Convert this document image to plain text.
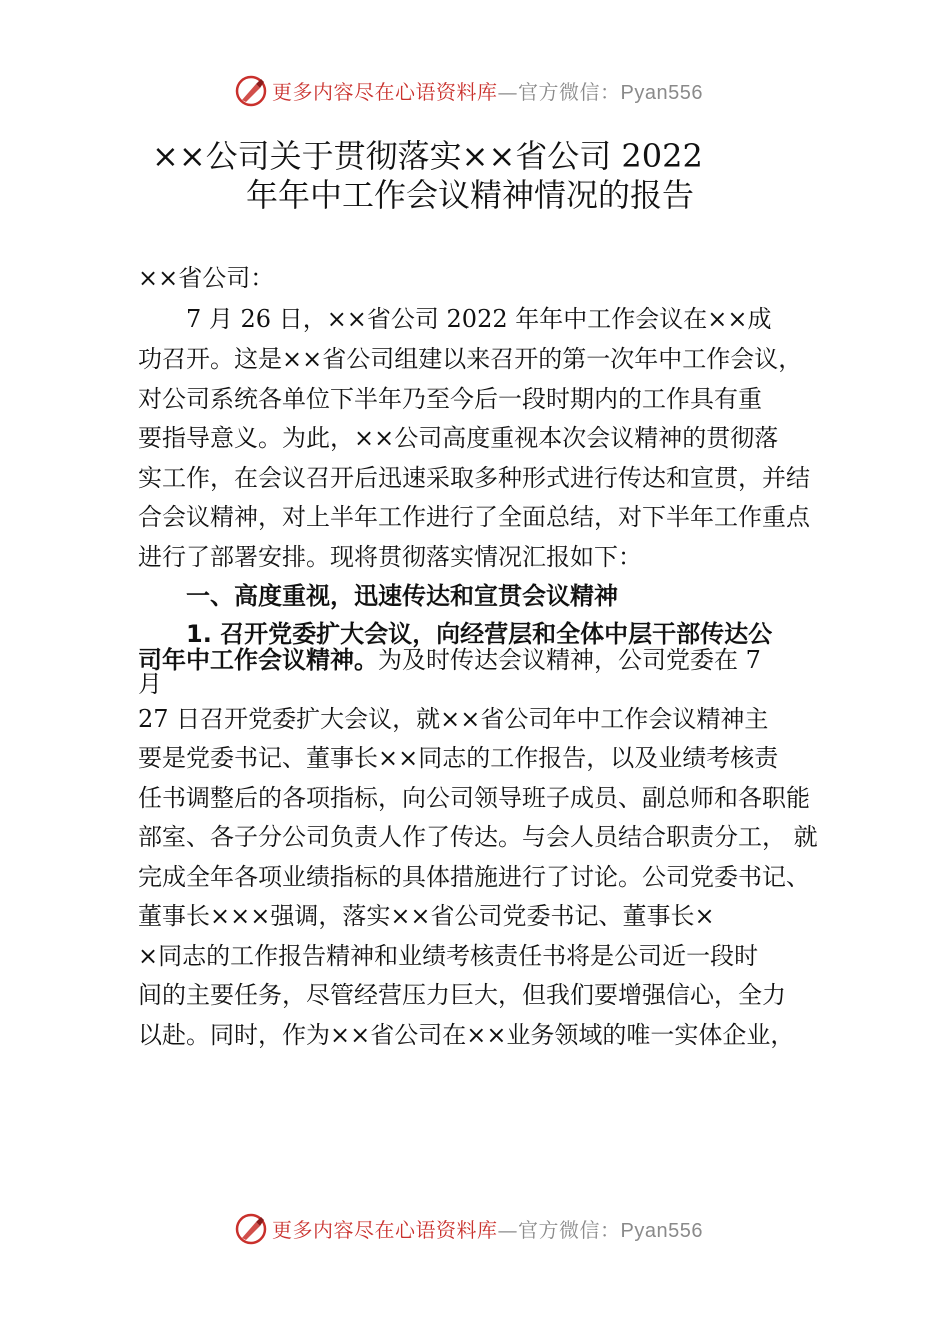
更多内容尽在心语资料库—官方微信：Pyan556
××公司关于贯彻落实××省公司 2022
年年中工作会议精神情况的报告
××省公司：
7 月 26 日，××省公司 2022 年年中工作会议在××成
功召开。这是××省公司组建以来召开的第一次年中工作会议，
对公司系统各单位下半年乃至今后一段时期内的工作具有重
要指导意义。为此，××公司高度重视本次会议精神的贯彻落
实工作，在会议召开后迅速采取多种形式进行传达和宣贯，并结
合会议精神，对上半年工作进行了全面总结，对下半年工作重点
进行了部署安排。现将贯彻落实情况汇报如下：
一、高度重视，迅速传达和宣贯会议精神
1. 召开党委扩大会议，向经营层和全体中层干部传达公
司年中工作会议精神。为及时传达会议精神，公司党委在 7
月
27 日召开党委扩大会议，就××省公司年中工作会议精神主
要是党委书记、董事长××同志的工作报告，以及业绩考核责
任书调整后的各项指标，向公司领导班子成员、副总师和各职能
部室、各子分公司负责人作了传达。与会人员结合职责分工， 就
完成全年各项业绩指标的具体措施进行了讨论。公司党委书记、
董事长×××强调，落实××省公司党委书记、董事长×
×同志的工作报告精神和业绩考核责任书将是公司近一段时
间的主要任务，尽管经营压力巨大，但我们要增强信心，全力
以赴。同时，作为××省公司在××业务领域的唯一实体企业，
更多内容尽在心语资料库—官方微信：Pyan556
